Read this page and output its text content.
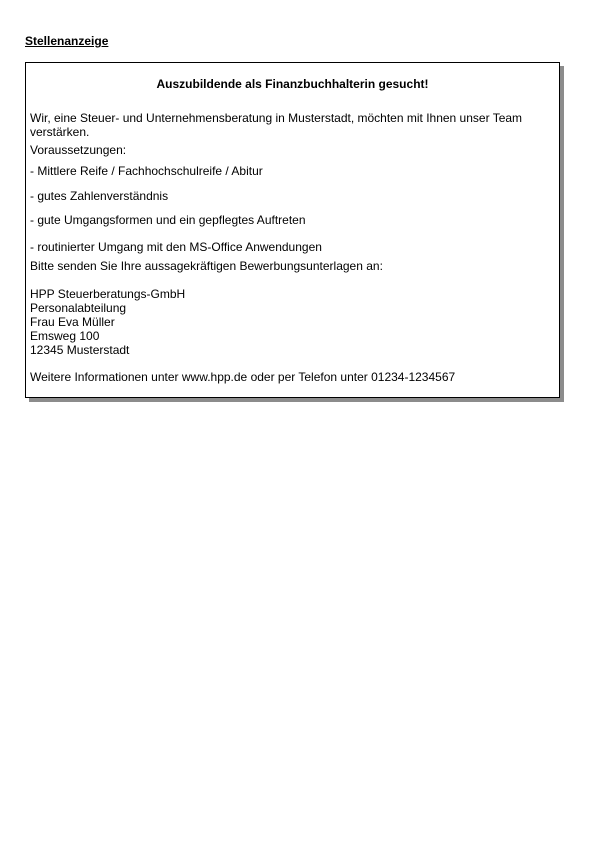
Stellenanzeige
Auszubildende als Finanzbuchhalterin gesucht!
Wir, eine Steuer- und Unternehmensberatung in Musterstadt, möchten mit Ihnen unser Team verstärken.
Voraussetzungen:
- Mittlere Reife / Fachhochschulreife / Abitur
- gutes Zahlenverständnis
- gute Umgangsformen und ein gepflegtes Auftreten
- routinierter Umgang mit den MS-Office Anwendungen
Bitte senden Sie Ihre aussagekräftigen Bewerbungsunterlagen an:
HPP Steuerberatungs-GmbH
Personalabteilung
Frau Eva Müller
Emsweg 100
12345 Musterstadt
Weitere Informationen unter www.hpp.de oder per Telefon unter 01234-1234567
